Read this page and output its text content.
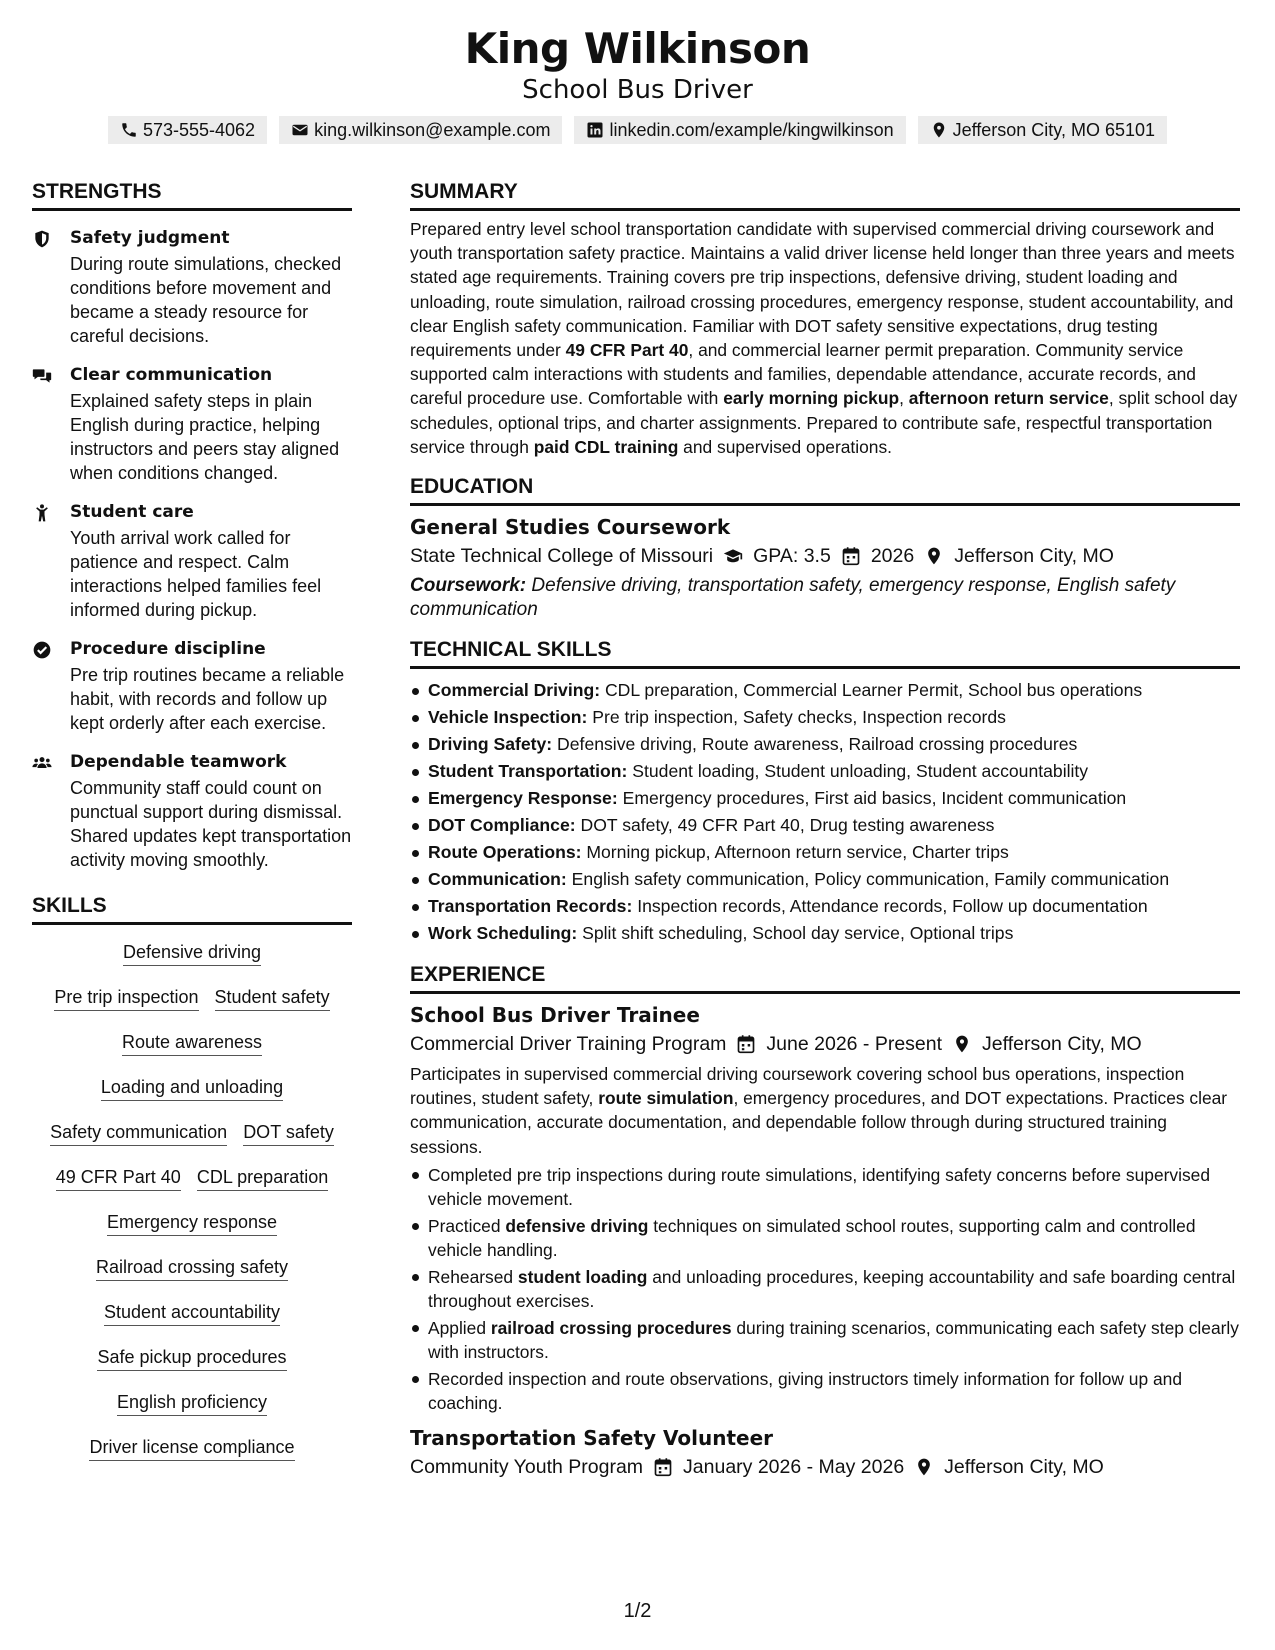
King Wilkinson
School Bus Driver
573-555-4062	king.wilkinson@example.com	linkedin.com/example/kingwilkinson	Jefferson City, MO 65101
STRENGTHS
Safety judgment
During route simulations, checked conditions before movement and became a steady resource for careful decisions.
Clear communication
Explained safety steps in plain English during practice, helping instructors and peers stay aligned when conditions changed.
Student care
Youth arrival work called for patience and respect. Calm interactions helped families feel informed during pickup.
Procedure discipline
Pre trip routines became a reliable habit, with records and follow up kept orderly after each exercise.
Dependable teamwork
Community staff could count on punctual support during dismissal. Shared updates kept transportation activity moving smoothly.
SKILLS
Defensive driving
Pre trip inspection Student safety
Route awareness
Loading and unloading
Safety communication DOT safety
49 CFR Part 40 CDL preparation
Emergency response
Railroad crossing safety
Student accountability
Safe pickup procedures
English proficiency
Driver license compliance
SUMMARY
Prepared entry level school transportation candidate with supervised commercial driving coursework and youth transportation safety practice. Maintains a valid driver license held longer than three years and meets stated age requirements. Training covers pre trip inspections, defensive driving, student loading and unloading, route simulation, railroad crossing procedures, emergency response, student accountability, and clear English safety communication. Familiar with DOT safety sensitive expectations, drug testing requirements under 49 CFR Part 40, and commercial learner permit preparation. Community service supported calm interactions with students and families, dependable attendance, accurate records, and careful procedure use. Comfortable with early morning pickup, afternoon return service, split school day schedules, optional trips, and charter assignments. Prepared to contribute safe, respectful transportation service through paid CDL training and supervised operations.
EDUCATION
General Studies Coursework
State Technical College of Missouri GPA: 3.5 2026 Jefferson City, MO
Coursework: Defensive driving, transportation safety, emergency response, English safety communication
TECHNICAL SKILLS
Commercial Driving: CDL preparation, Commercial Learner Permit, School bus operations
Vehicle Inspection: Pre trip inspection, Safety checks, Inspection records
Driving Safety: Defensive driving, Route awareness, Railroad crossing procedures
Student Transportation: Student loading, Student unloading, Student accountability
Emergency Response: Emergency procedures, First aid basics, Incident communication
DOT Compliance: DOT safety, 49 CFR Part 40, Drug testing awareness
Route Operations: Morning pickup, Afternoon return service, Charter trips
Communication: English safety communication, Policy communication, Family communication
Transportation Records: Inspection records, Attendance records, Follow up documentation
Work Scheduling: Split shift scheduling, School day service, Optional trips
EXPERIENCE
School Bus Driver Trainee
Commercial Driver Training Program June 2026 - Present Jefferson City, MO
Participates in supervised commercial driving coursework covering school bus operations, inspection routines, student safety, route simulation, emergency procedures, and DOT expectations. Practices clear communication, accurate documentation, and dependable follow through during structured training sessions.
Completed pre trip inspections during route simulations, identifying safety concerns before supervised vehicle movement.
Practiced defensive driving techniques on simulated school routes, supporting calm and controlled vehicle handling.
Rehearsed student loading and unloading procedures, keeping accountability and safe boarding central throughout exercises.
Applied railroad crossing procedures during training scenarios, communicating each safety step clearly with instructors.
Recorded inspection and route observations, giving instructors timely information for follow up and coaching.
Transportation Safety Volunteer
Community Youth Program January 2026 - May 2026 Jefferson City, MO
1/2
